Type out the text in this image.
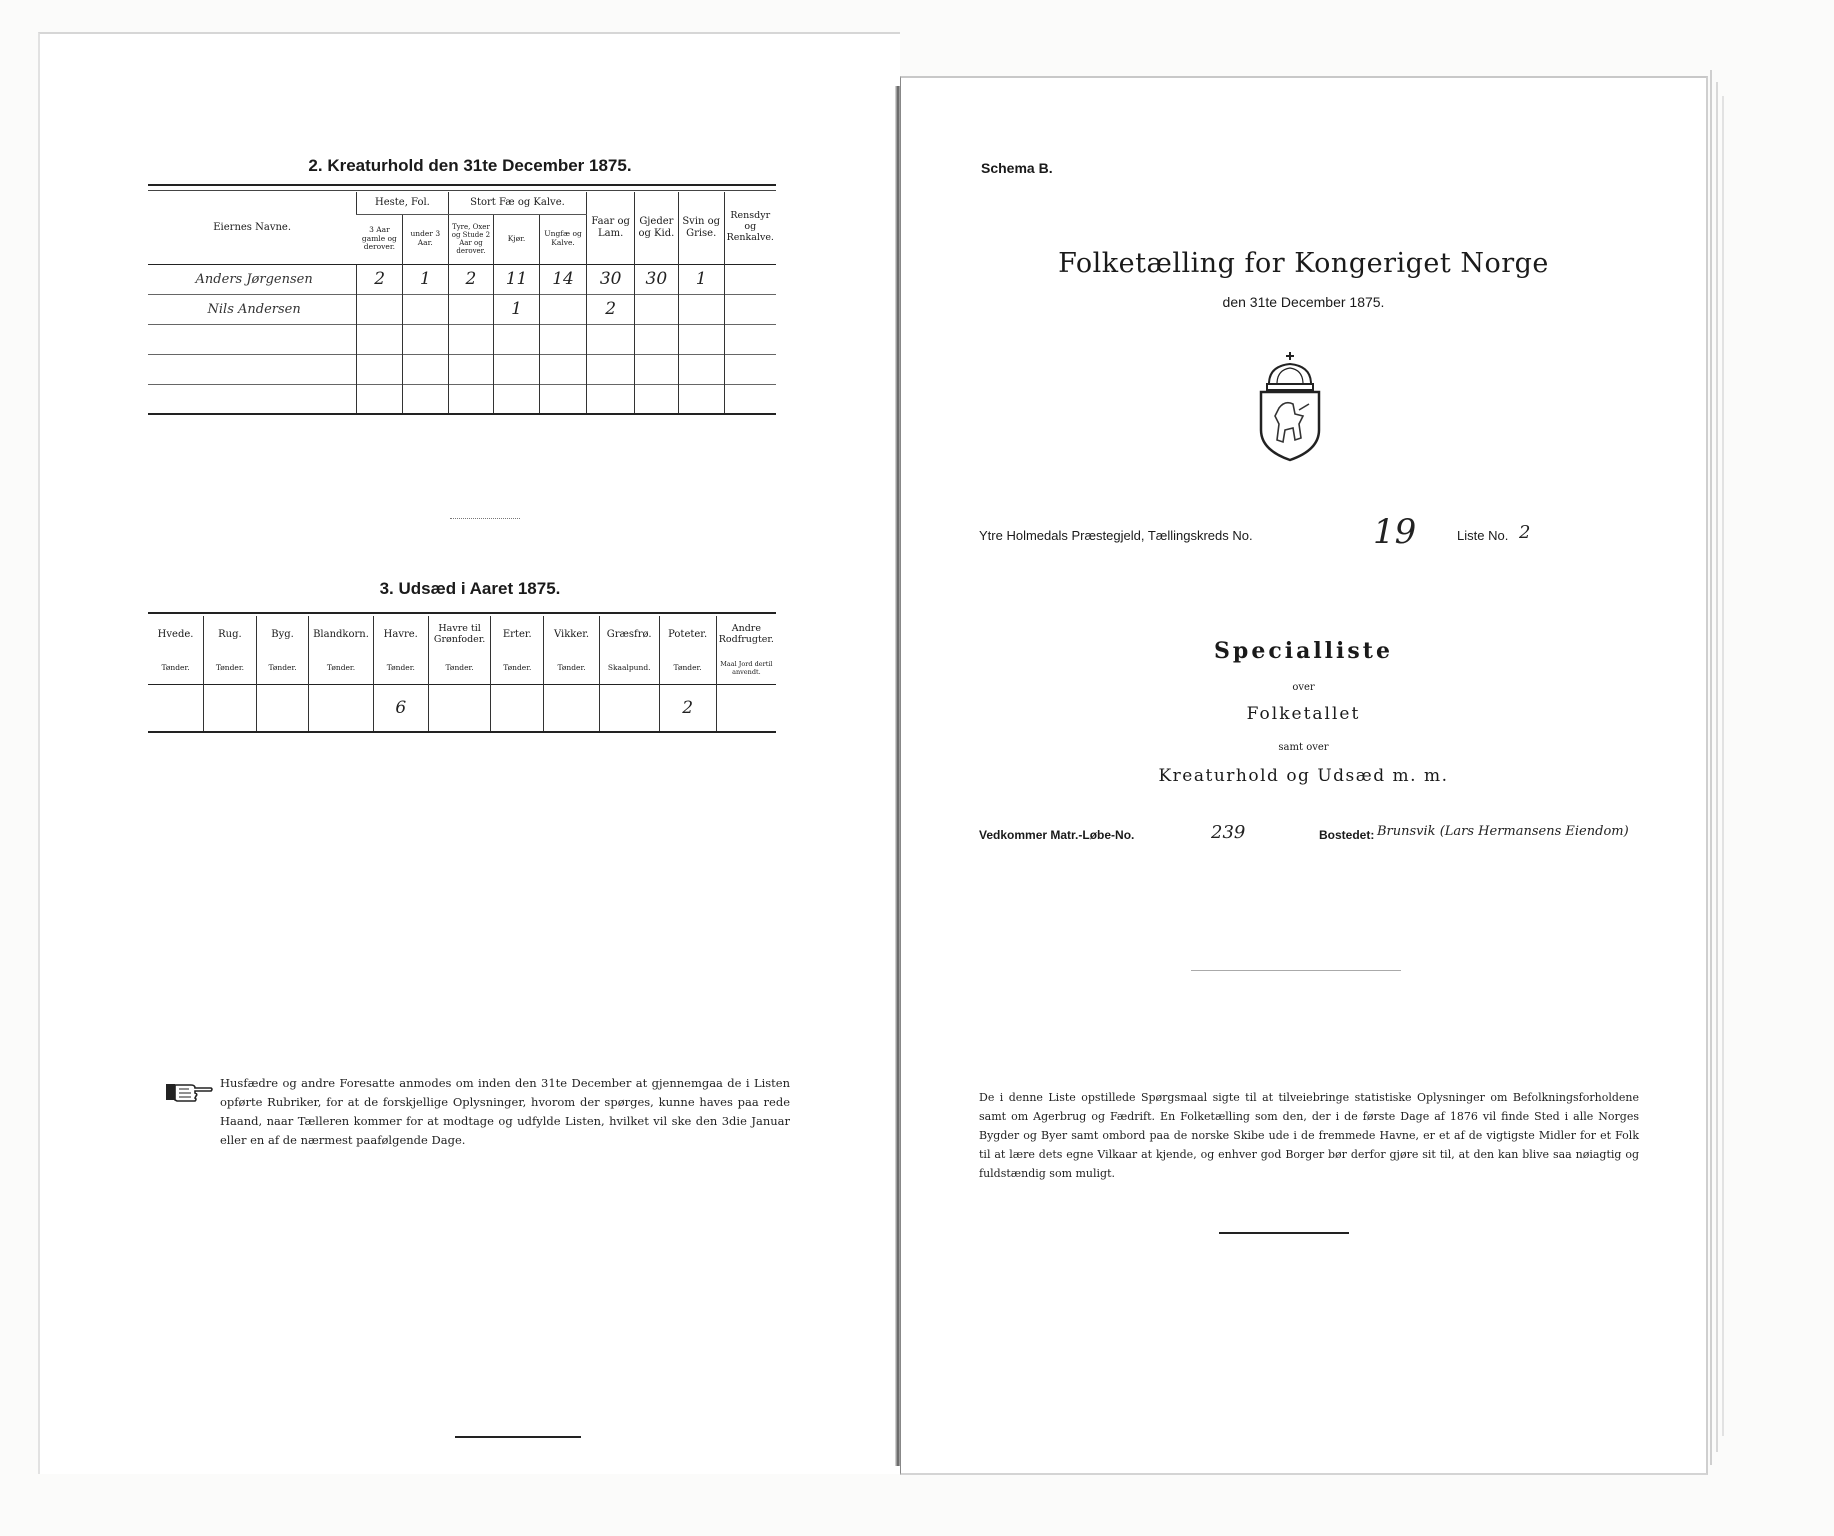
2. Kreaturhold den 31te December 1875.
Eiernes Navne.	Heste, Fol.		Stort Fæ og Kalve.			Faar og Lam.	Gjeder og Kid.	Svin og Grise.	Rensdyr og Renkalve.
	3 Aar gamle og derover.	under 3 Aar.	Tyre, Oxer og Stude 2 Aar og derover.	Kjør.	Ungfæ og Kalve.				
Anders Jørgensen	2	1	2	11	14	30	30	1	
Nils Andersen				1		2			

3. Udsæd i Aaret 1875.
Hvede.	Rug.	Byg.	Blandkorn.	Havre.	Havre til Grønfoder.	Erter.	Vikker.	Græsfrø.	Poteter.	Andre Rodfrugter.
Tønder.	Tønder.	Tønder.	Tønder.	Tønder.	Tønder.	Tønder.	Tønder.	Skaalpund.	Tønder.	Maal Jord dertil anvendt.
				6					2	
Husfædre og andre Foresatte anmodes om inden den 31te December at gjennemgaa de i Listen opførte Rubriker, for at de forskjellige Oplysninger, hvorom der spørges, kunne haves paa rede Haand, naar Tælleren kommer for at modtage og udfylde Listen, hvilket vil ske den 3die Januar eller en af de nærmest paafølgende Dage.
Schema B.
Folketælling for Kongeriget Norge
den 31te December 1875.
Ytre Holmedals Præstegjeld, Tællingskreds No.	19	Liste No. 2
Specialliste
over
Folketallet
samt over
Kreaturhold og Udsæd m. m.
Vedkommer Matr.-Løbe-No.	239	Bostedet: Brunsvik (Lars Hermansens Eiendom)
De i denne Liste opstillede Spørgsmaal sigte til at tilveiebringe statistiske Oplysninger om Befolkningsforholdene samt om Agerbrug og Fædrift. En Folketælling som den, der i de første Dage af 1876 vil finde Sted i alle Norges Bygder og Byer samt ombord paa de norske Skibe ude i de fremmede Havne, er et af de vigtigste Midler for et Folk til at lære dets egne Vilkaar at kjende, og enhver god Borger bør derfor gjøre sit til, at den kan blive saa nøiagtig og fuldstændig som muligt.
